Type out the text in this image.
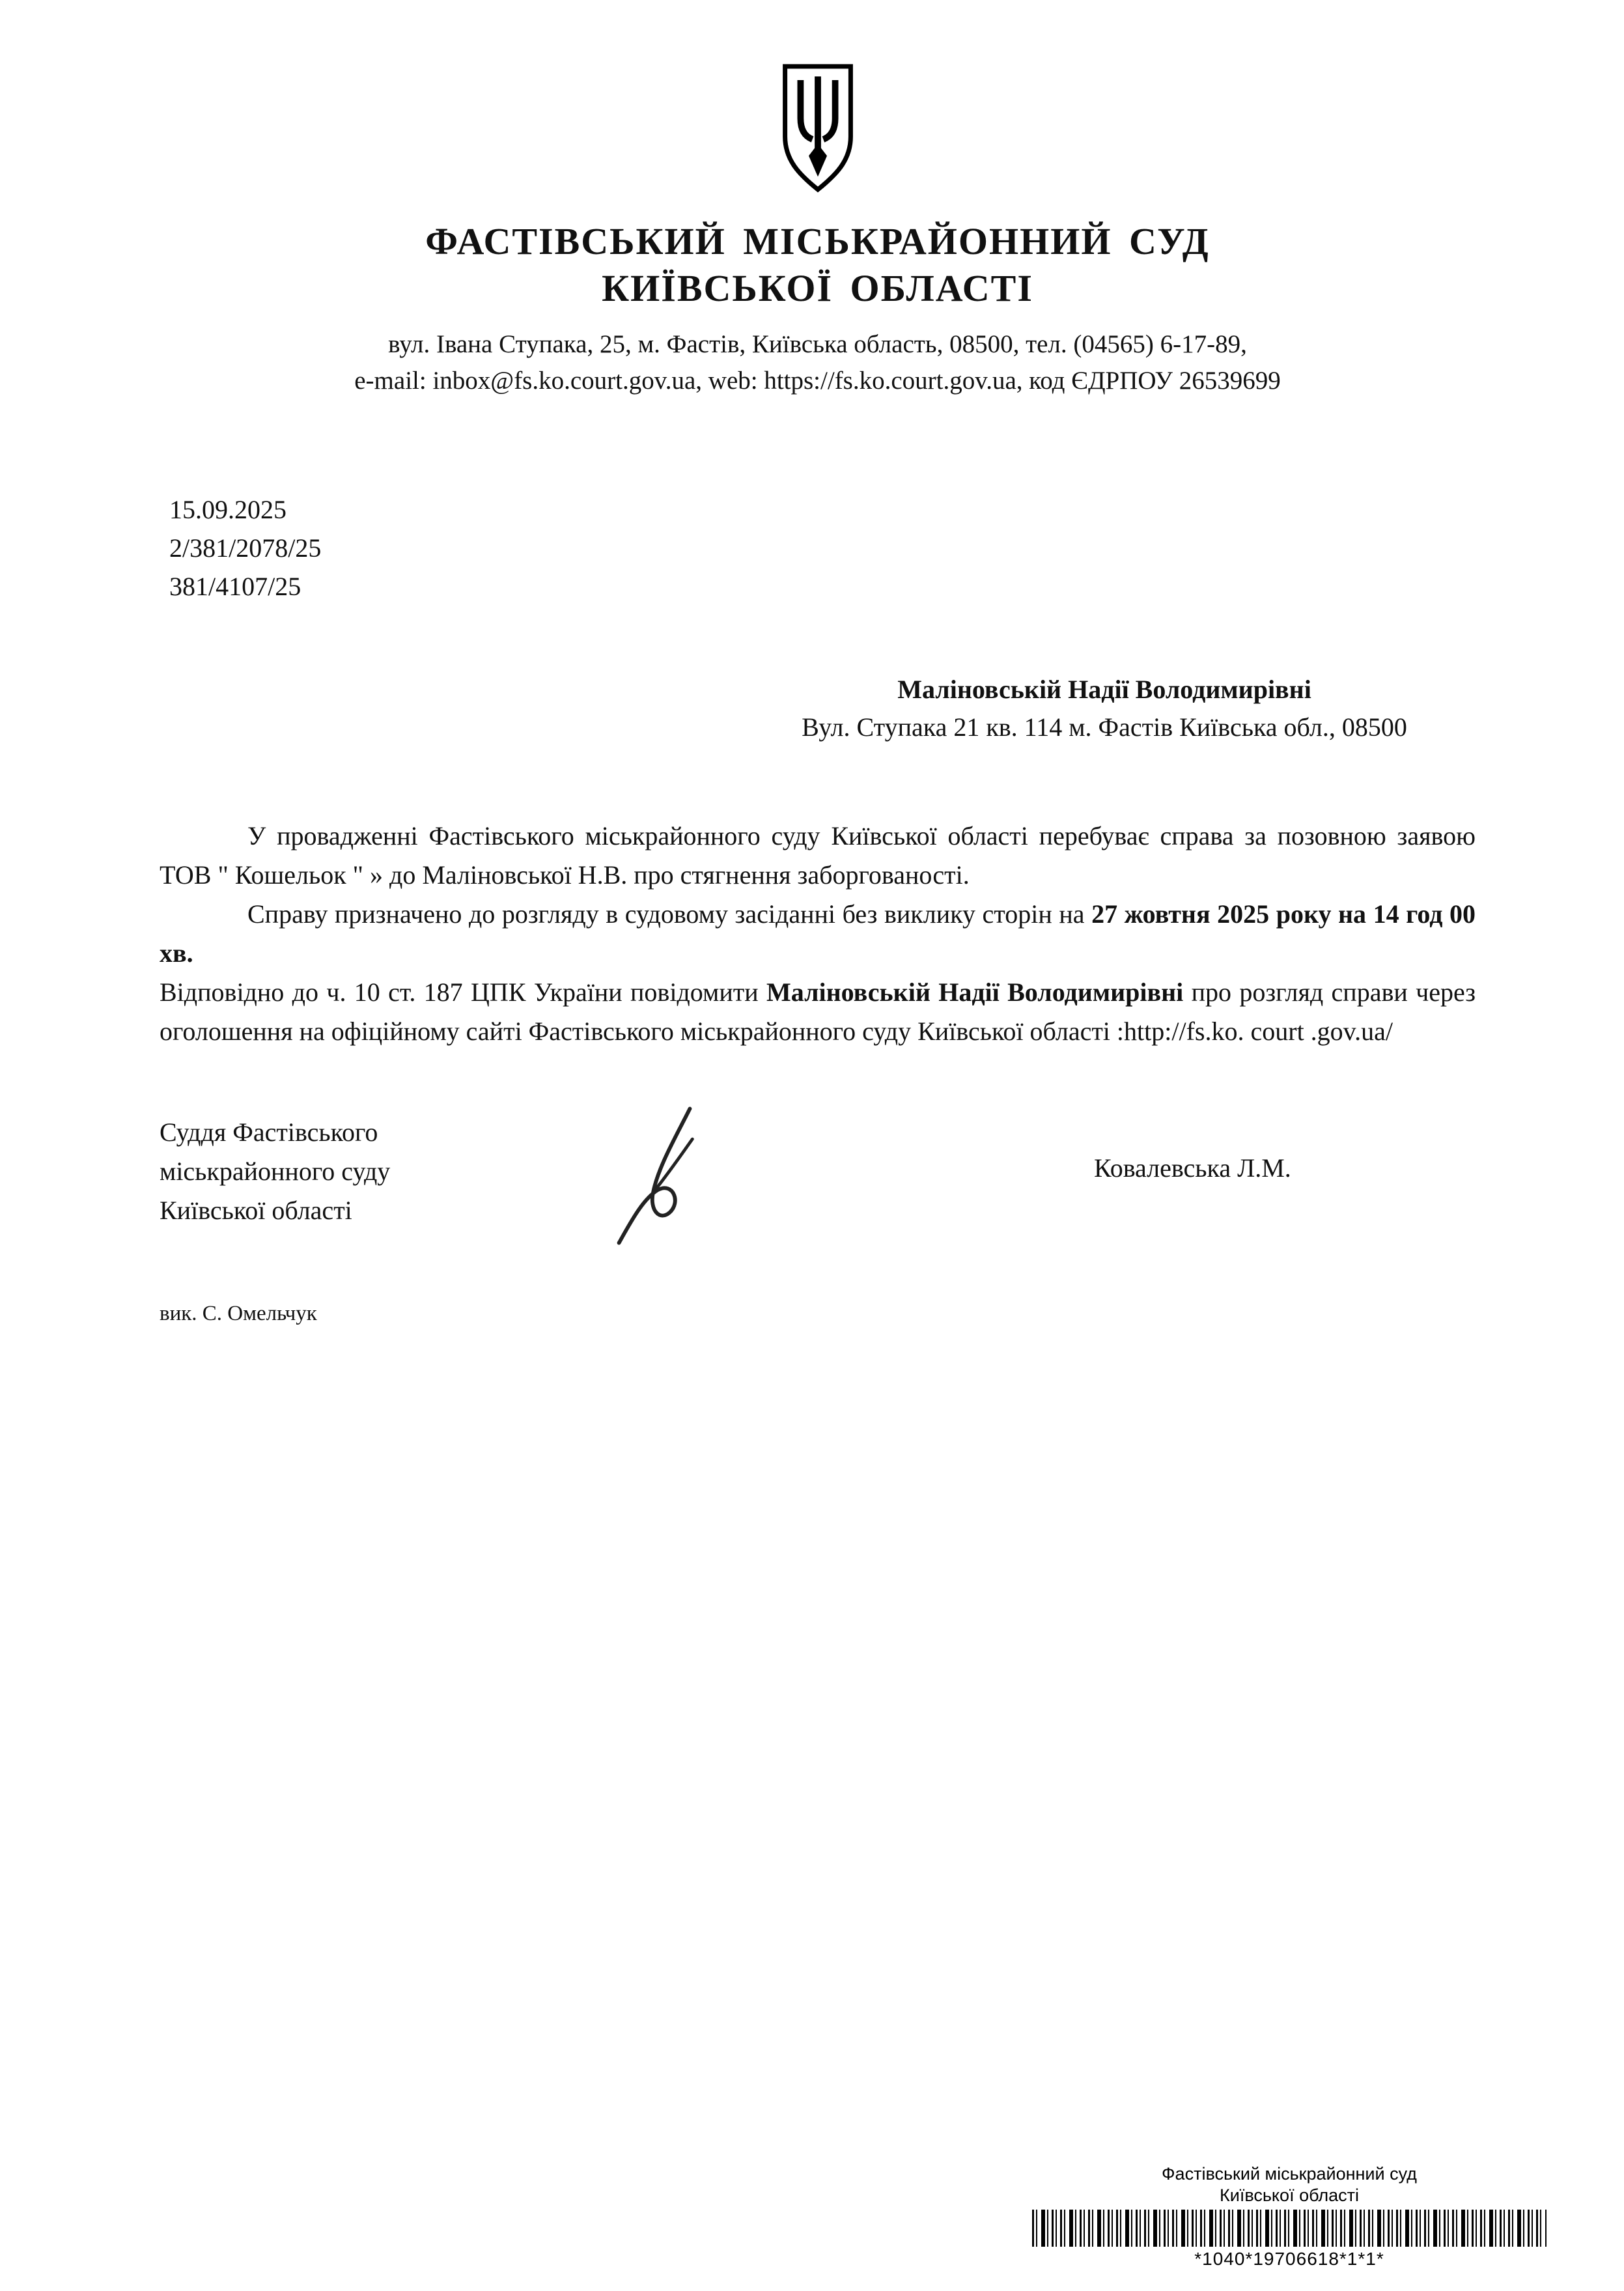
ФАСТІВСЬКИЙ МІСЬКРАЙОННИЙ СУД
КИЇВСЬКОЇ ОБЛАСТІ
вул. Івана Ступака, 25, м. Фастів, Київська область, 08500, тел. (04565) 6-17-89,
e-mail: inbox@fs.ko.court.gov.ua, web: https://fs.ko.court.gov.ua, код ЄДРПОУ 26539699
15.09.2025
2/381/2078/25
381/4107/25
Маліновській Надії Володимирівні
Вул. Ступака 21 кв. 114 м. Фастів Київська обл., 08500

У провадженні Фастівського міськрайонного суду Київської області перебуває справа за позовною заявою ТОВ " Кошельок " » до Маліновської Н.В. про стягнення заборгованості.

Справу призначено до розгляду в судовому засіданні без виклику сторін на 27 жовтня 2025 року на 14 год 00 хв.

Відповідно до ч. 10 ст. 187 ЦПК України повідомити Маліновській Надії Володимирівні про розгляд справи через оголошення на офіційному сайті Фастівського міськрайонного суду Київської області :http://fs.ko. court .gov.ua/

Суддя Фастівського
міськрайонного суду
Київської області
Ковалевська Л.М.
вик. С. Омельчук
Фастівський міськрайонний суд
Київської області
*1040*19706618*1*1*
